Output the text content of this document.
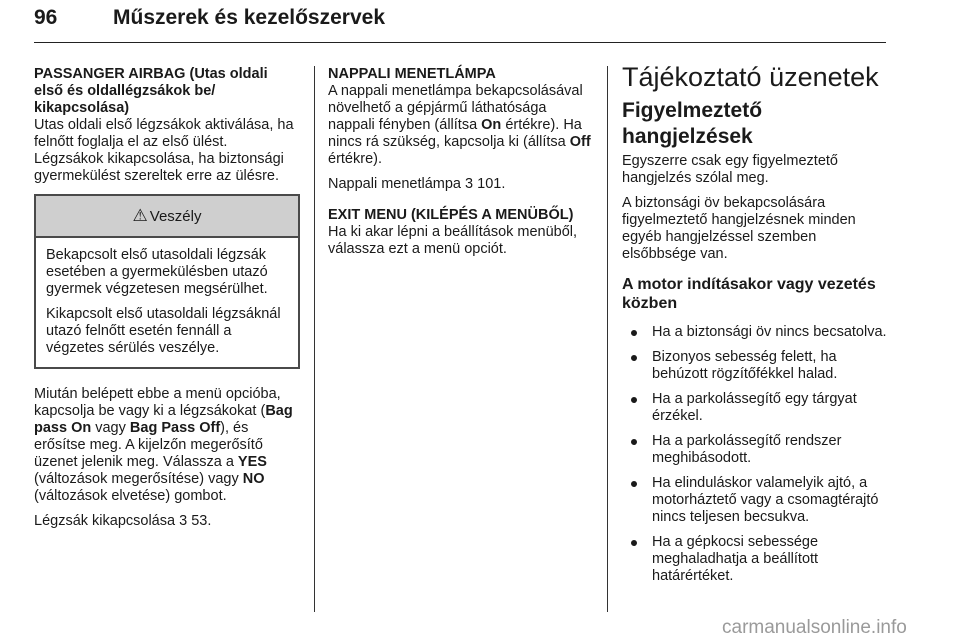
96	Műszerek és kezelőszervek

PASSANGER AIRBAG (Utas oldali első és oldallégzsákok be/ kikapcsolása)

Utas oldali első légzsákok aktiválása, ha felnőtt foglalja el az első ülést. Légzsákok kikapcsolása, ha biztonsági gyermekülést szereltek erre az ülésre.

⚠ Veszély

Bekapcsolt első utasoldali légzsák esetében a gyermekülésben utazó gyermek végzetesen megsérülhet.

Kikapcsolt első utasoldali légzsáknál utazó felnőtt esetén fennáll a végzetes sérülés veszélye.

Miután belépett ebbe a menü opcióba, kapcsolja be vagy ki a légzsákokat (Bag pass On vagy Bag Pass Off), és erősítse meg. A kijelzőn megerősítő üzenet jelenik meg. Válassza a YES (változások megerősítése) vagy NO (változások elvetése) gombot.

Légzsák kikapcsolása 3 53.

NAPPALI MENETLÁMPA

A nappali menetlámpa bekapcsolásával növelhető a gépjármű láthatósága nappali fényben (állítsa On értékre). Ha nincs rá szükség, kapcsolja ki (állítsa Off értékre).

Nappali menetlámpa 3 101.

EXIT MENU (KILÉPÉS A MENÜBŐL)

Ha ki akar lépni a beállítások menüből, válassza ezt a menü opciót.

Tájékoztató üzenetek
Figyelmeztető hangjelzések

Egyszerre csak egy figyelmeztető hangjelzés szólal meg.

A biztonsági öv bekapcsolására figyelmeztető hangjelzésnek minden egyéb hangjelzéssel szemben elsőbbsége van.

A motor indításakor vagy vezetés közben

Ha a biztonsági öv nincs becsatolva.
Bizonyos sebesség felett, ha behúzott rögzítőfékkel halad.
Ha a parkolássegítő egy tárgyat érzékel.
Ha a parkolássegítő rendszer meghibásodott.
Ha elinduláskor valamelyik ajtó, a motorháztető vagy a csomagtérajtó nincs teljesen becsukva.
Ha a gépkocsi sebessége meghaladhatja a beállított határértéket.
carmanualsonline.info
